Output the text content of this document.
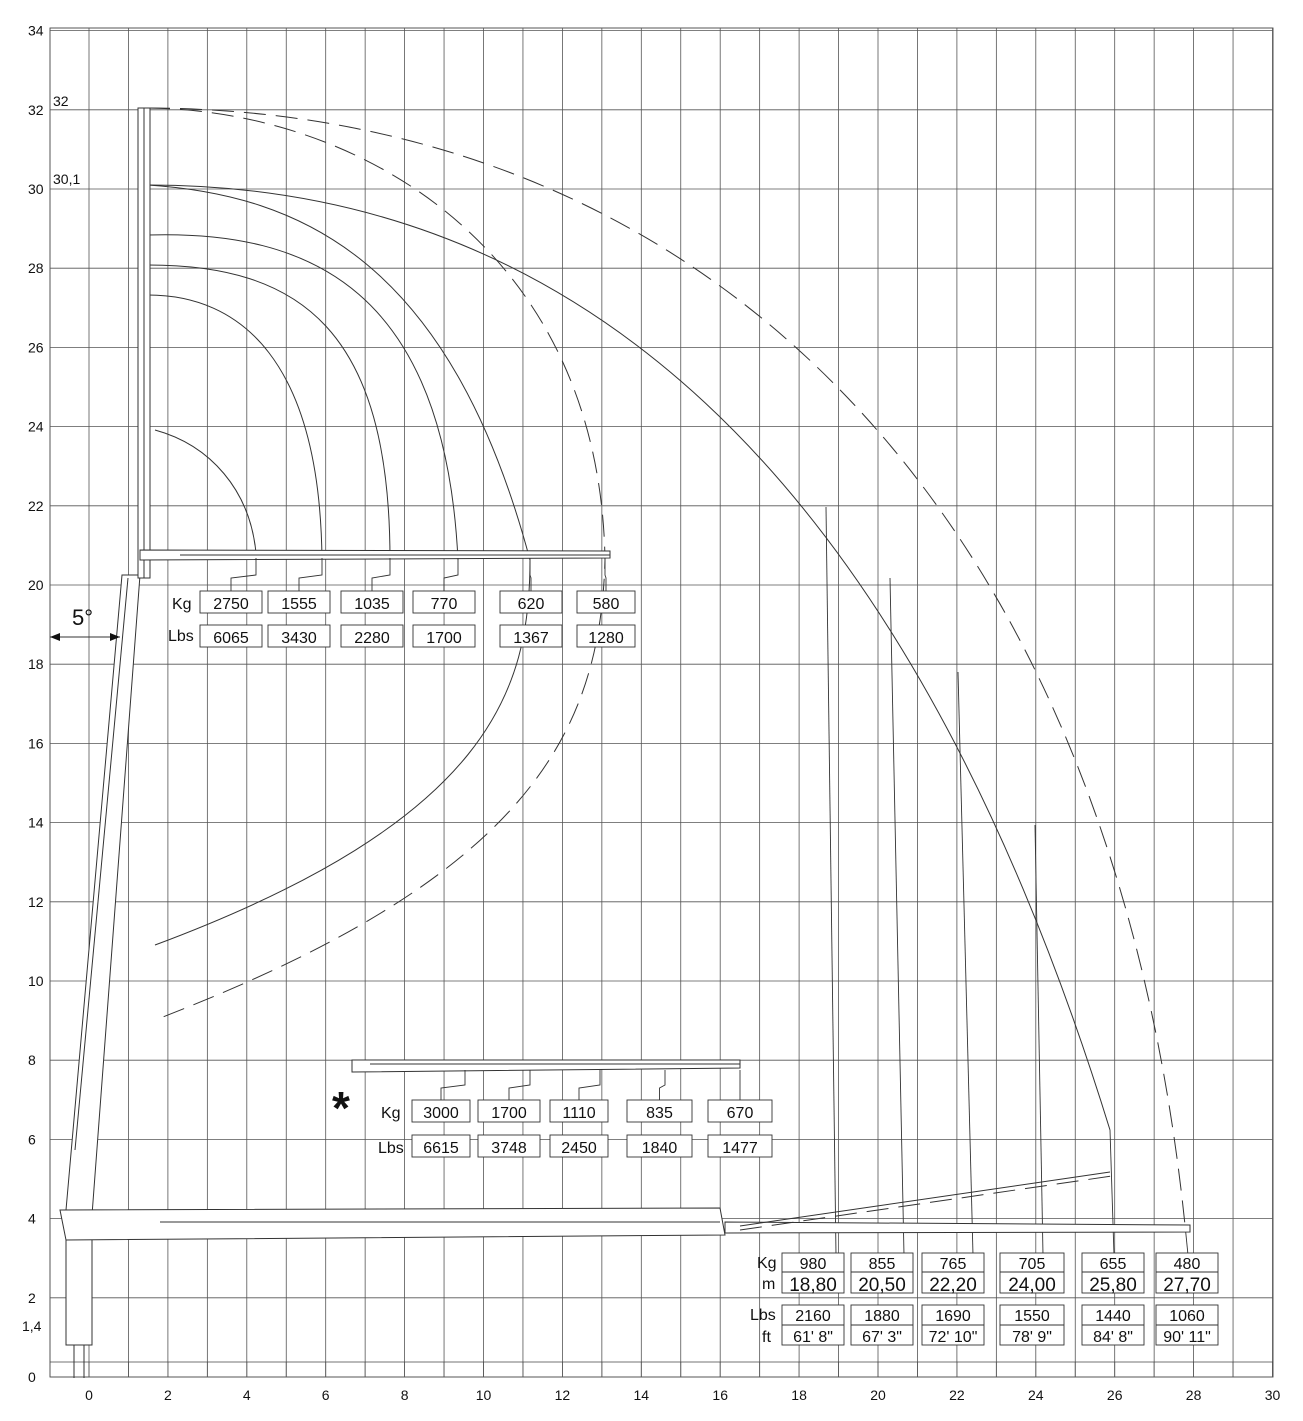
34
32
30
28
26
24
22
20
18
16
14
12
10
8
6
4
2
0
0	2	4	6	8	10	12	14	16	18	20	22	24	26	28	30
1,4
32
30,1
5°
Kg
Lbs
2750
6065
1555
3430
1035
2280
770
1700
620
1367
580
1280
* Kg
Lbs
3000
6615
1700
3748
1110
2450
835
1840
670
1477
Kg
m
Lbs
ft
980
18,80
2160
61' 8"
855
20,50
1880
67' 3"
765
22,20
1690
72' 10"
705
24,00
1550
78' 9"
655
25,80
1440
84' 8"
480
27,70
1060
90' 11"
